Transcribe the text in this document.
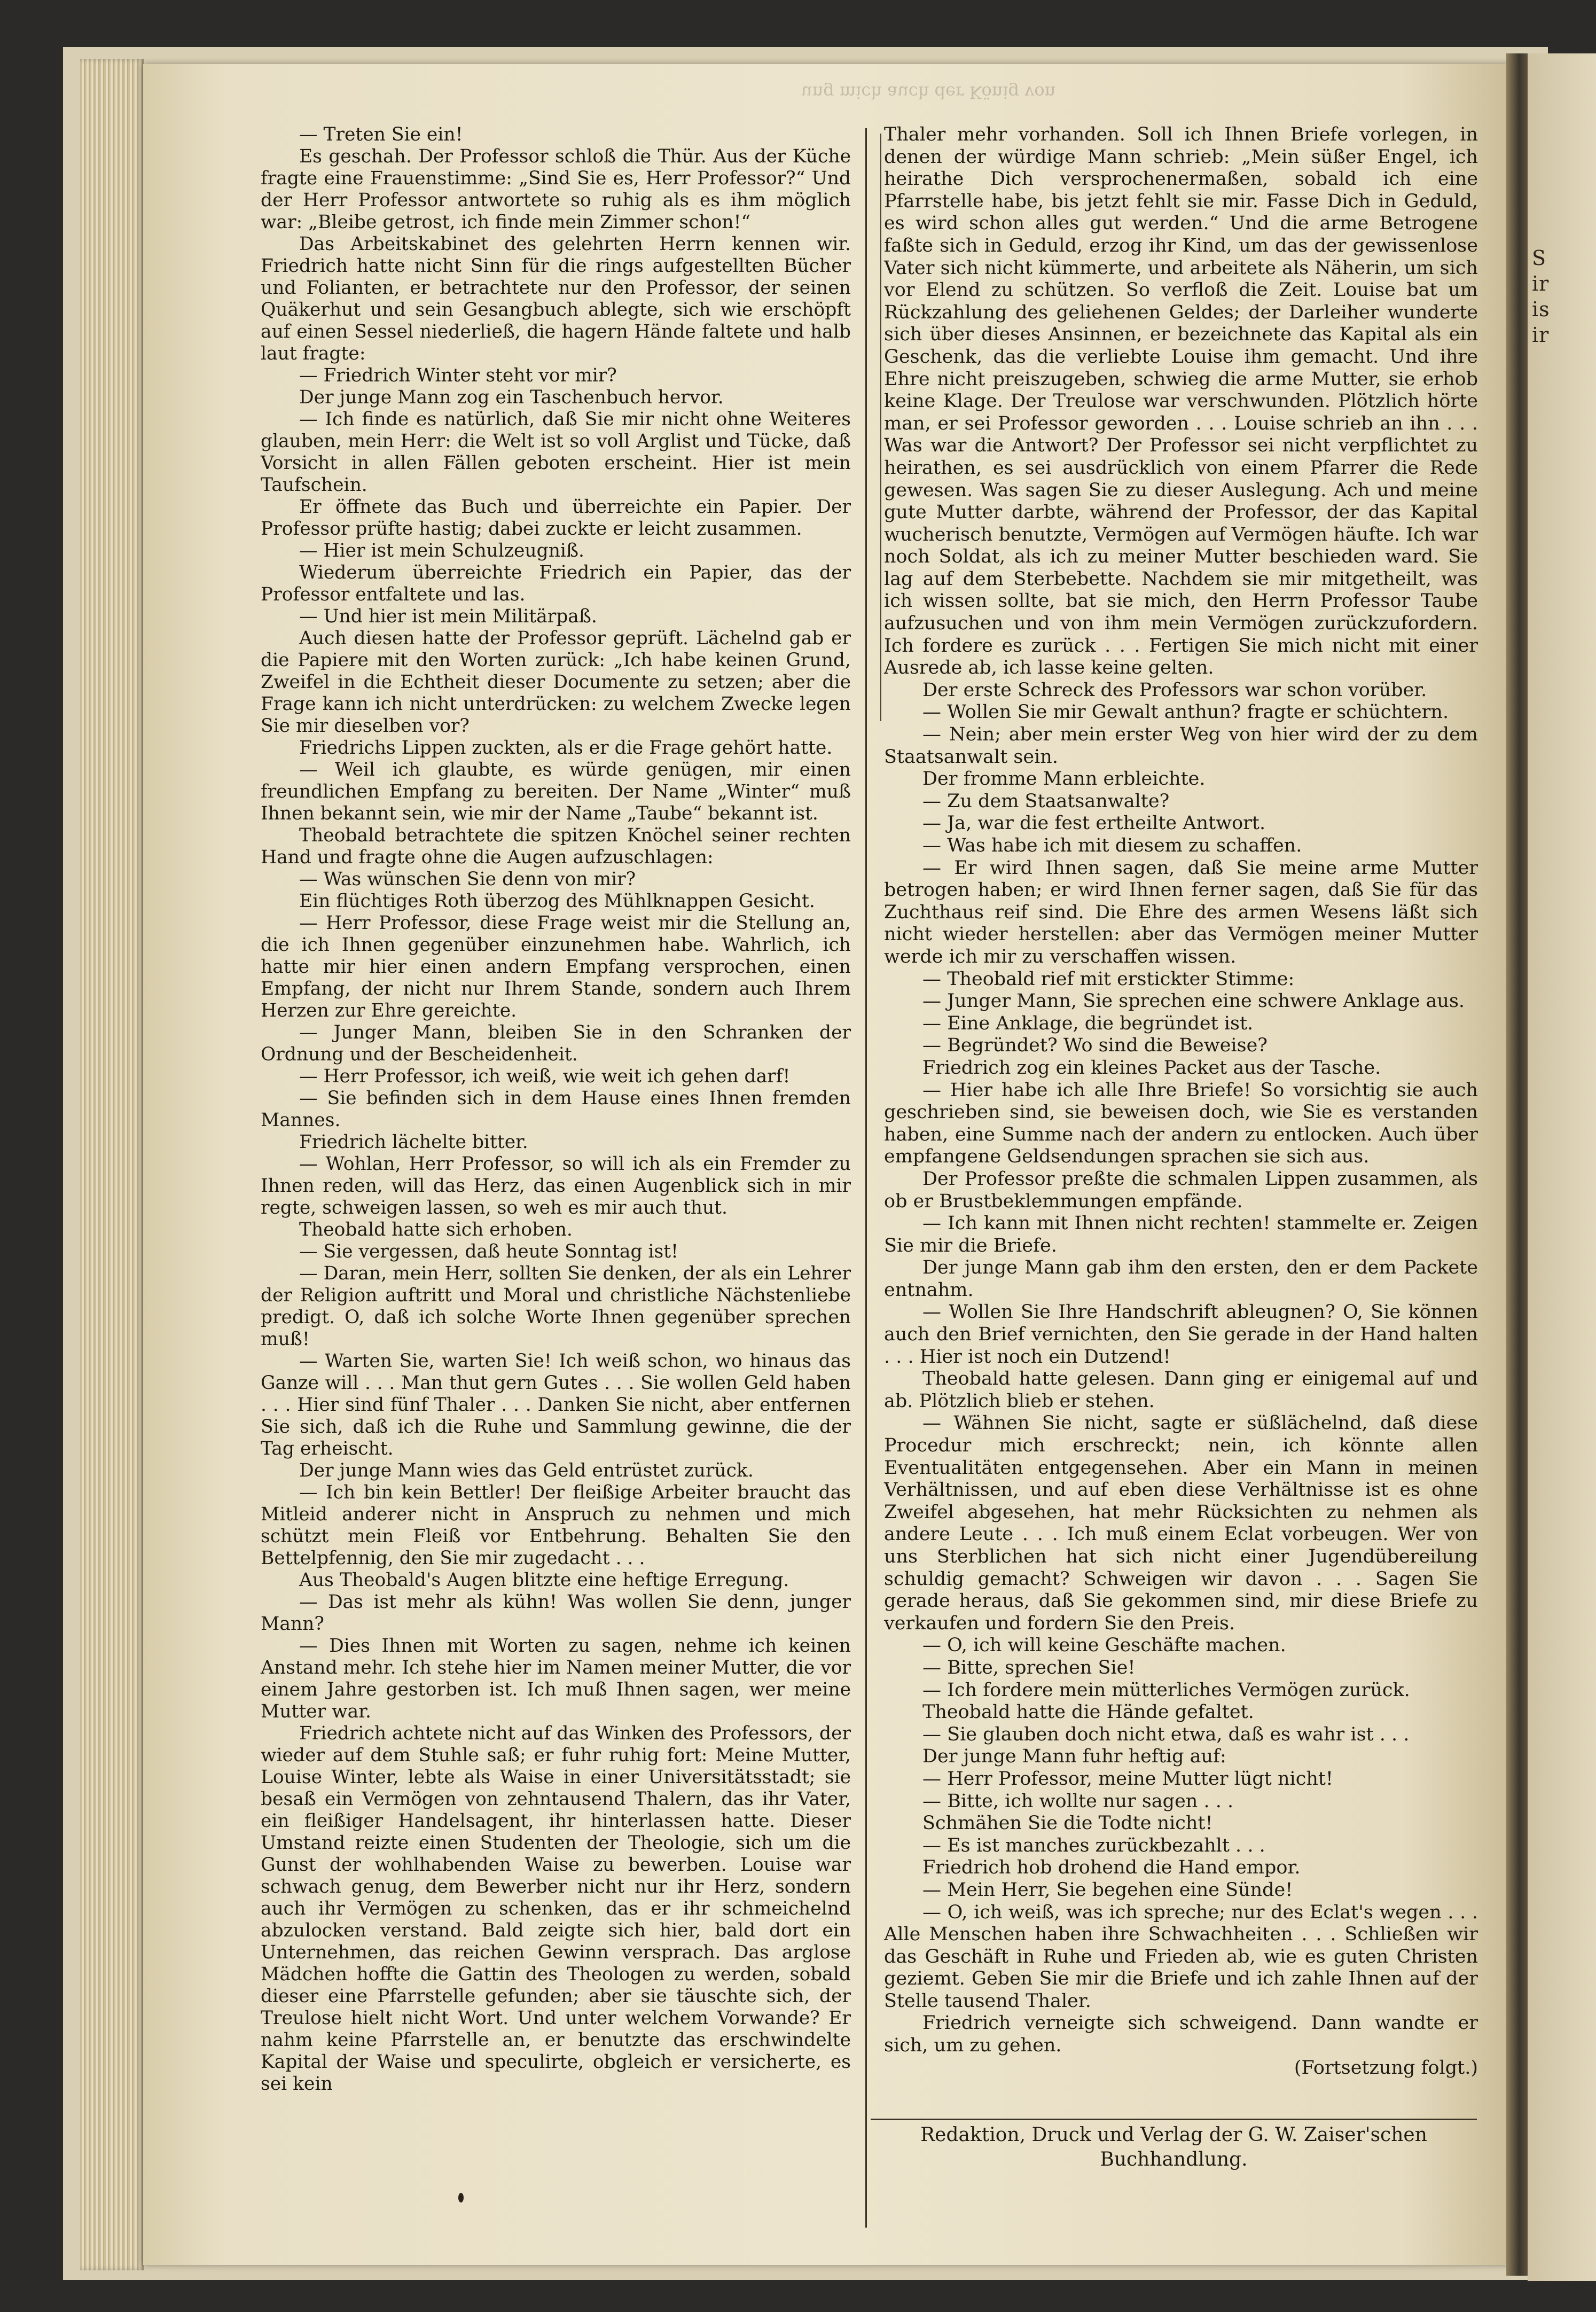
ung mich auch der König von

— Treten Sie ein!

Es geschah. Der Professor schloß die Thür. Aus der Küche fragte eine Frauenstimme: „Sind Sie es, Herr Professor?“ Und der Herr Professor antwortete so ruhig als es ihm möglich war: „Bleibe getrost, ich finde mein Zimmer schon!“

Das Arbeitskabinet des gelehrten Herrn kennen wir. Friedrich hatte nicht Sinn für die rings aufgestellten Bücher und Folianten, er betrachtete nur den Professor, der seinen Quäkerhut und sein Gesangbuch ablegte, sich wie erschöpft auf einen Sessel niederließ, die hagern Hände faltete und halb laut fragte:

— Friedrich Winter steht vor mir?

Der junge Mann zog ein Taschenbuch hervor.

— Ich finde es natürlich, daß Sie mir nicht ohne Weiteres glauben, mein Herr: die Welt ist so voll Arglist und Tücke, daß Vorsicht in allen Fällen geboten erscheint. Hier ist mein Taufschein.

Er öffnete das Buch und überreichte ein Papier. Der Professor prüfte hastig; dabei zuckte er leicht zusammen.

— Hier ist mein Schulzeugniß.

Wiederum überreichte Friedrich ein Papier, das der Professor entfaltete und las.

— Und hier ist mein Militärpaß.

Auch diesen hatte der Professor geprüft. Lächelnd gab er die Papiere mit den Worten zurück: „Ich habe keinen Grund, Zweifel in die Echtheit dieser Documente zu setzen; aber die Frage kann ich nicht unterdrücken: zu welchem Zwecke legen Sie mir dieselben vor?

Friedrichs Lippen zuckten, als er die Frage gehört hatte.

— Weil ich glaubte, es würde genügen, mir einen freundlichen Empfang zu bereiten. Der Name „Winter“ muß Ihnen bekannt sein, wie mir der Name „Taube“ bekannt ist.

Theobald betrachtete die spitzen Knöchel seiner rechten Hand und fragte ohne die Augen aufzuschlagen:

— Was wünschen Sie denn von mir?

Ein flüchtiges Roth überzog des Mühlknappen Gesicht.

— Herr Professor, diese Frage weist mir die Stellung an, die ich Ihnen gegenüber einzunehmen habe. Wahrlich, ich hatte mir hier einen andern Empfang versprochen, einen Empfang, der nicht nur Ihrem Stande, sondern auch Ihrem Herzen zur Ehre gereichte.

— Junger Mann, bleiben Sie in den Schranken der Ordnung und der Bescheidenheit.

— Herr Professor, ich weiß, wie weit ich gehen darf!

— Sie befinden sich in dem Hause eines Ihnen fremden Mannes.

Friedrich lächelte bitter.

— Wohlan, Herr Professor, so will ich als ein Fremder zu Ihnen reden, will das Herz, das einen Augenblick sich in mir regte, schweigen lassen, so weh es mir auch thut.

Theobald hatte sich erhoben.

— Sie vergessen, daß heute Sonntag ist!

— Daran, mein Herr, sollten Sie denken, der als ein Lehrer der Religion auftritt und Moral und christliche Nächstenliebe predigt. O, daß ich solche Worte Ihnen gegenüber sprechen muß!

— Warten Sie, warten Sie! Ich weiß schon, wo hinaus das Ganze will . . . Man thut gern Gutes . . . Sie wollen Geld haben . . . Hier sind fünf Thaler . . . Danken Sie nicht, aber entfernen Sie sich, daß ich die Ruhe und Sammlung gewinne, die der Tag erheischt.

Der junge Mann wies das Geld entrüstet zurück.

— Ich bin kein Bettler! Der fleißige Arbeiter braucht das Mitleid anderer nicht in Anspruch zu nehmen und mich schützt mein Fleiß vor Entbehrung. Behalten Sie den Bettelpfennig, den Sie mir zugedacht . . .

Aus Theobald's Augen blitzte eine heftige Erregung.

— Das ist mehr als kühn! Was wollen Sie denn, junger Mann?

— Dies Ihnen mit Worten zu sagen, nehme ich keinen Anstand mehr. Ich stehe hier im Namen meiner Mutter, die vor einem Jahre gestorben ist. Ich muß Ihnen sagen, wer meine Mutter war.

Friedrich achtete nicht auf das Winken des Professors, der wieder auf dem Stuhle saß; er fuhr ruhig fort: Meine Mutter, Louise Winter, lebte als Waise in einer Universitätsstadt; sie besaß ein Vermögen von zehntausend Thalern, das ihr Vater, ein fleißiger Handelsagent, ihr hinterlassen hatte. Dieser Umstand reizte einen Studenten der Theologie, sich um die Gunst der wohlhabenden Waise zu bewerben. Louise war schwach genug, dem Bewerber nicht nur ihr Herz, sondern auch ihr Vermögen zu schenken, das er ihr schmeichelnd abzulocken verstand. Bald zeigte sich hier, bald dort ein Unternehmen, das reichen Gewinn versprach. Das arglose Mädchen hoffte die Gattin des Theologen zu werden, sobald dieser eine Pfarrstelle gefunden; aber sie täuschte sich, der Treulose hielt nicht Wort. Und unter welchem Vorwande? Er nahm keine Pfarrstelle an, er benutzte das erschwindelte Kapital der Waise und speculirte, obgleich er versicherte, es sei kein

Thaler mehr vorhanden. Soll ich Ihnen Briefe vorlegen, in denen der würdige Mann schrieb: „Mein süßer Engel, ich heirathe Dich versprochenermaßen, sobald ich eine Pfarrstelle habe, bis jetzt fehlt sie mir. Fasse Dich in Geduld, es wird schon alles gut werden.“ Und die arme Betrogene faßte sich in Geduld, erzog ihr Kind, um das der gewissenlose Vater sich nicht kümmerte, und arbeitete als Näherin, um sich vor Elend zu schützen. So verfloß die Zeit. Louise bat um Rückzahlung des geliehenen Geldes; der Darleiher wunderte sich über dieses Ansinnen, er bezeichnete das Kapital als ein Geschenk, das die verliebte Louise ihm gemacht. Und ihre Ehre nicht preiszugeben, schwieg die arme Mutter, sie erhob keine Klage. Der Treulose war verschwunden. Plötzlich hörte man, er sei Professor geworden . . . Louise schrieb an ihn . . . Was war die Antwort? Der Professor sei nicht verpflichtet zu heirathen, es sei ausdrücklich von einem Pfarrer die Rede gewesen. Was sagen Sie zu dieser Auslegung. Ach und meine gute Mutter darbte, während der Professor, der das Kapital wucherisch benutzte, Vermögen auf Vermögen häufte. Ich war noch Soldat, als ich zu meiner Mutter beschieden ward. Sie lag auf dem Sterbebette. Nachdem sie mir mitgetheilt, was ich wissen sollte, bat sie mich, den Herrn Professor Taube aufzusuchen und von ihm mein Vermögen zurückzufordern. Ich fordere es zurück . . . Fertigen Sie mich nicht mit einer Ausrede ab, ich lasse keine gelten.

Der erste Schreck des Professors war schon vorüber.

— Wollen Sie mir Gewalt anthun? fragte er schüchtern.

— Nein; aber mein erster Weg von hier wird der zu dem Staatsanwalt sein.

Der fromme Mann erbleichte.

— Zu dem Staatsanwalte?

— Ja, war die fest ertheilte Antwort.

— Was habe ich mit diesem zu schaffen.

— Er wird Ihnen sagen, daß Sie meine arme Mutter betrogen haben; er wird Ihnen ferner sagen, daß Sie für das Zuchthaus reif sind. Die Ehre des armen Wesens läßt sich nicht wieder herstellen: aber das Vermögen meiner Mutter werde ich mir zu verschaffen wissen.

— Theobald rief mit erstickter Stimme:

— Junger Mann, Sie sprechen eine schwere Anklage aus.

— Eine Anklage, die begründet ist.

— Begründet? Wo sind die Beweise?

Friedrich zog ein kleines Packet aus der Tasche.

— Hier habe ich alle Ihre Briefe! So vorsichtig sie auch geschrieben sind, sie beweisen doch, wie Sie es verstanden haben, eine Summe nach der andern zu entlocken. Auch über empfangene Geldsendungen sprachen sie sich aus.

Der Professor preßte die schmalen Lippen zusammen, als ob er Brustbeklemmungen empfände.

— Ich kann mit Ihnen nicht rechten! stammelte er. Zeigen Sie mir die Briefe.

Der junge Mann gab ihm den ersten, den er dem Packete entnahm.

— Wollen Sie Ihre Handschrift ableugnen? O, Sie können auch den Brief vernichten, den Sie gerade in der Hand halten . . . Hier ist noch ein Dutzend!

Theobald hatte gelesen. Dann ging er einigemal auf und ab. Plötzlich blieb er stehen.

— Wähnen Sie nicht, sagte er süßlächelnd, daß diese Procedur mich erschreckt; nein, ich könnte allen Eventualitäten entgegensehen. Aber ein Mann in meinen Verhältnissen, und auf eben diese Verhältnisse ist es ohne Zweifel abgesehen, hat mehr Rücksichten zu nehmen als andere Leute . . . Ich muß einem Eclat vorbeugen. Wer von uns Sterblichen hat sich nicht einer Jugendübereilung schuldig gemacht? Schweigen wir davon . . . Sagen Sie gerade heraus, daß Sie gekommen sind, mir diese Briefe zu verkaufen und fordern Sie den Preis.

— O, ich will keine Geschäfte machen.

— Bitte, sprechen Sie!

— Ich fordere mein mütterliches Vermögen zurück.

Theobald hatte die Hände gefaltet.

— Sie glauben doch nicht etwa, daß es wahr ist . . .

Der junge Mann fuhr heftig auf:

— Herr Professor, meine Mutter lügt nicht!

— Bitte, ich wollte nur sagen . . .

Schmähen Sie die Todte nicht!

— Es ist manches zurückbezahlt . . .

Friedrich hob drohend die Hand empor.

— Mein Herr, Sie begehen eine Sünde!

— O, ich weiß, was ich spreche; nur des Eclat's wegen . . . Alle Menschen haben ihre Schwachheiten . . . Schließen wir das Geschäft in Ruhe und Frieden ab, wie es guten Christen geziemt. Geben Sie mir die Briefe und ich zahle Ihnen auf der Stelle tausend Thaler.

Friedrich verneigte sich schweigend. Dann wandte er sich, um zu gehen.

(Fortsetzung folgt.)

Redaktion, Druck und Verlag der G. W. Zaiser'schen Buchhandlung.
S
ir
is
ir
